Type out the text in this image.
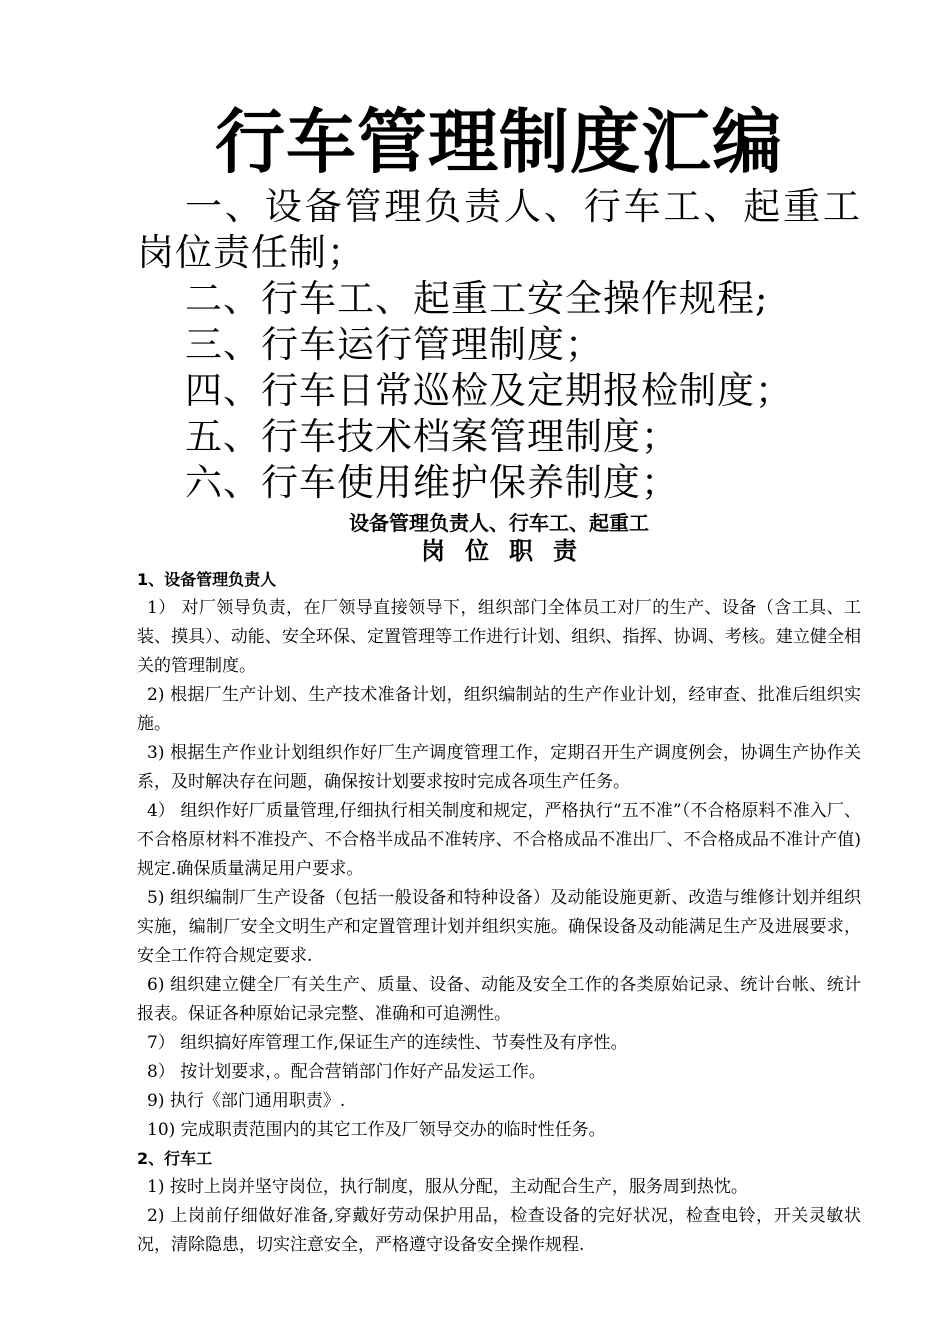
行车管理制度汇编

一、设备管理负责人、行车工、起重工岗位责任制；

二、行车工、起重工安全操作规程;

三、行车运行管理制度；

四、行车日常巡检及定期报检制度；

五、行车技术档案管理制度；

六、行车使用维护保养制度；

设备管理负责人、行车工、起重工
岗位职责
1、设备管理负责人

1） 对厂领导负责，在厂领导直接领导下，组织部门全体员工对厂的生产、设备（含工具、工装、摸具）、动能、安全环保、定置管理等工作进行计划、组织、指挥、协调、考核。建立健全相关的管理制度。

2) 根据厂生产计划、生产技术准备计划，组织编制站的生产作业计划，经审查、批准后组织实施。

3) 根据生产作业计划组织作好厂生产调度管理工作，定期召开生产调度例会，协调生产协作关系，及时解决存在问题，确保按计划要求按时完成各项生产任务。

4） 组织作好厂质量管理,仔细执行相关制度和规定，严格执行“五不准”（不合格原料不准入厂、不合格原材料不准投产、不合格半成品不准转序、不合格成品不准出厂、不合格成品不准计产值)规定.确保质量满足用户要求。

5) 组织编制厂生产设备（包括一般设备和特种设备）及动能设施更新、改造与维修计划并组织实施，编制厂安全文明生产和定置管理计划并组织实施。确保设备及动能满足生产及进展要求，安全工作符合规定要求.

6) 组织建立健全厂有关生产、质量、设备、动能及安全工作的各类原始记录、统计台帐、统计报表。保证各种原始记录完整、准确和可追溯性。

7） 组织搞好库管理工作,保证生产的连续性、节奏性及有序性。

8） 按计划要求，。配合营销部门作好产品发运工作。

9) 执行《部门通用职责》.

10) 完成职责范围内的其它工作及厂领导交办的临时性任务。

2、行车工

1) 按时上岗并坚守岗位，执行制度，服从分配，主动配合生产，服务周到热忱。

2) 上岗前仔细做好准备,穿戴好劳动保护用品，检查设备的完好状况，检查电铃，开关灵敏状况，清除隐患，切实注意安全，严格遵守设备安全操作规程.
